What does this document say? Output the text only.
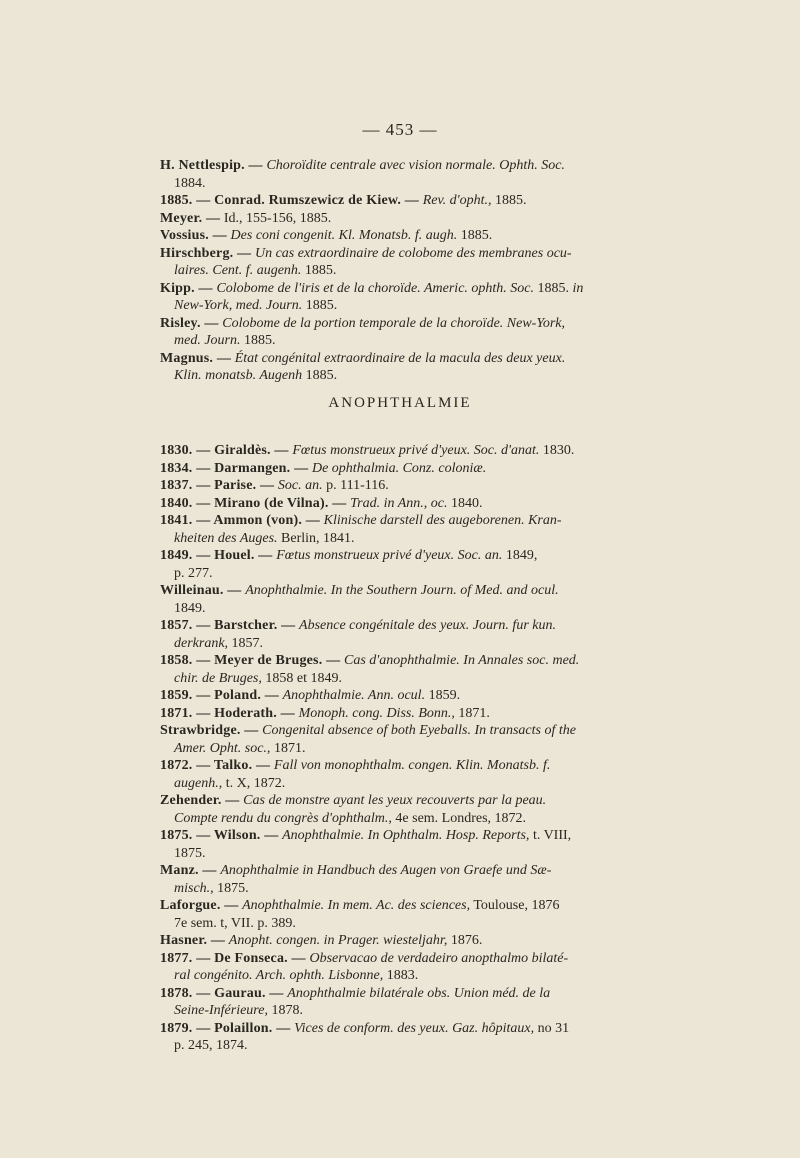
— 453 —
H. Nettlespip. — Choroïdite centrale avec vision normale. Ophth. Soc.
1884.
1885. — Conrad. Rumszewicz de Kiew. — Rev. d'opht., 1885.
Meyer. — Id., 155-156, 1885.
Vossius. — Des coni congenit. Kl. Monatsb. f. augh. 1885.
Hirschberg. — Un cas extraordinaire de colobome des membranes ocu-
laires. Cent. f. augenh. 1885.
Kipp. — Colobome de l'iris et de la choroïde. Americ. ophth. Soc. 1885. in
New-York, med. Journ. 1885.
Risley. — Colobome de la portion temporale de la choroïde. New-York,
med. Journ. 1885.
Magnus. — État congénital extraordinaire de la macula des deux yeux.
Klin. monatsb. Augenh 1885.
ANOPHTHALMIE
1830. — Giraldès. — Fœtus monstrueux privé d'yeux. Soc. d'anat. 1830.
1834. — Darmangen. — De ophthalmia. Conz. coloniæ.
1837. — Parise. — Soc. an. p. 111-116.
1840. — Mirano (de Vilna). — Trad. in Ann., oc. 1840.
1841. — Ammon (von). — Klinische darstell des augeborenen. Kran-
kheiten des Auges. Berlin, 1841.
1849. — Houel. — Fœtus monstrueux privé d'yeux. Soc. an. 1849,
p. 277.
Willeinau. — Anophthalmie. In the Southern Journ. of Med. and ocul.
1849.
1857. — Barstcher. — Absence congénitale des yeux. Journ. fur kun.
derkrank, 1857.
1858. — Meyer de Bruges. — Cas d'anophthalmie. In Annales soc. med.
chir. de Bruges, 1858 et 1849.
1859. — Poland. — Anophthalmie. Ann. ocul. 1859.
1871. — Hoderath. — Monoph. cong. Diss. Bonn., 1871.
Strawbridge. — Congenital absence of both Eyeballs. In transacts of the
Amer. Opht. soc., 1871.
1872. — Talko. — Fall von monophthalm. congen. Klin. Monatsb. f.
augenh., t. X, 1872.
Zehender. — Cas de monstre ayant les yeux recouverts par la peau.
Compte rendu du congrès d'ophthalm., 4e sem. Londres, 1872.
1875. — Wilson. — Anophthalmie. In Ophthalm. Hosp. Reports, t. VIII,
1875.
Manz. — Anophthalmie in Handbuch des Augen von Graefe und Sæ-
misch., 1875.
Laforgue. — Anophthalmie. In mem. Ac. des sciences, Toulouse, 1876
7e sem. t, VII. p. 389.
Hasner. — Anopht. congen. in Prager. wiesteljahr, 1876.
1877. — De Fonseca. — Observacao de verdadeiro anopthalmo bilaté-
ral congénito. Arch. ophth. Lisbonne, 1883.
1878. — Gaurau. — Anophthalmie bilatérale obs. Union méd. de la
Seine-Inférieure, 1878.
1879. — Polaillon. — Vices de conform. des yeux. Gaz. hôpitaux, no 31
p. 245, 1874.
